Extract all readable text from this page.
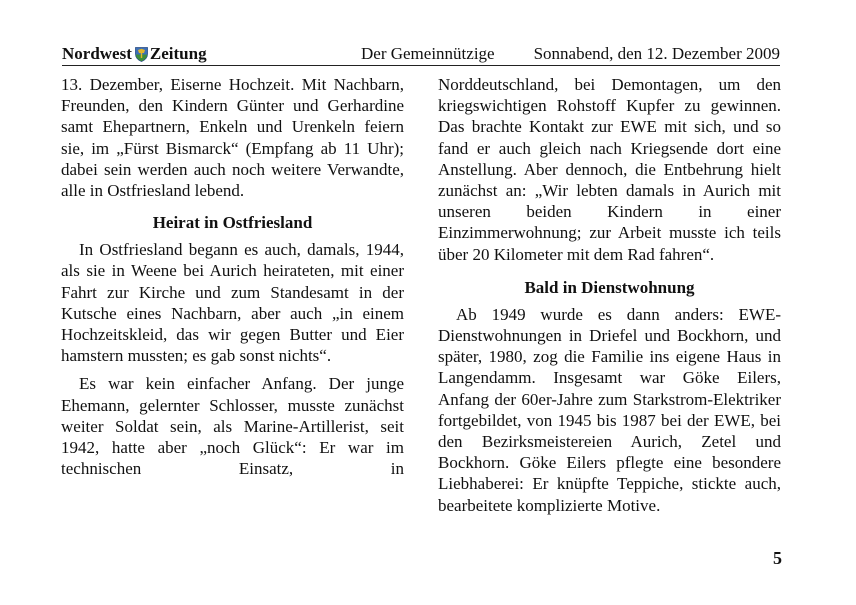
Nordwest Zeitung	Der Gemeinnützige Sonnabend, den 12. Dezember 2009

13. Dezember, Eiserne Hochzeit. Mit Nachbarn, Freunden, den Kindern Günter und Gerhardine samt Ehepartnern, Enkeln und Urenkeln feiern sie, im „Fürst Bismarck“ (Empfang ab 11 Uhr); dabei sein werden auch noch weitere Verwandte, alle in Ostfriesland lebend.

Heirat in Ostfriesland

In Ostfriesland begann es auch, damals, 1944, als sie in Weene bei Aurich heirateten, mit einer Fahrt zur Kirche und zum Standesamt in der Kutsche eines Nachbarn, aber auch „in einem Hochzeitskleid, das wir gegen Butter und Eier hamstern mussten; es gab sonst nichts“.

Es war kein einfacher Anfang. Der junge Ehemann, gelernter Schlosser, musste zunächst weiter Soldat sein, als Marine-Artillerist, seit 1942, hatte aber „noch Glück“: Er war im technischen Einsatz, in

Norddeutschland, bei Demontagen, um den kriegswichtigen Rohstoff Kupfer zu gewinnen. Das brachte Kontakt zur EWE mit sich, und so fand er auch gleich nach Kriegsende dort eine Anstellung. Aber dennoch, die Entbehrung hielt zunächst an: „Wir lebten damals in Aurich mit unseren beiden Kindern in einer Einzimmerwohnung; zur Arbeit musste ich teils über 20 Kilometer mit dem Rad fahren“.

Bald in Dienstwohnung

Ab 1949 wurde es dann anders: EWE-Dienstwohnungen in Driefel und Bockhorn, und später, 1980, zog die Familie ins eigene Haus in Langendamm. Insgesamt war Göke Eilers, Anfang der 60er-Jahre zum Starkstrom-Elektriker fortgebildet, von 1945 bis 1987 bei der EWE, bei den Bezirksmeistereien Aurich, Zetel und Bockhorn. Göke Eilers pflegte eine besondere Liebhaberei: Er knüpfte Teppiche, stickte auch, bearbeitete komplizierte Motive.

5
